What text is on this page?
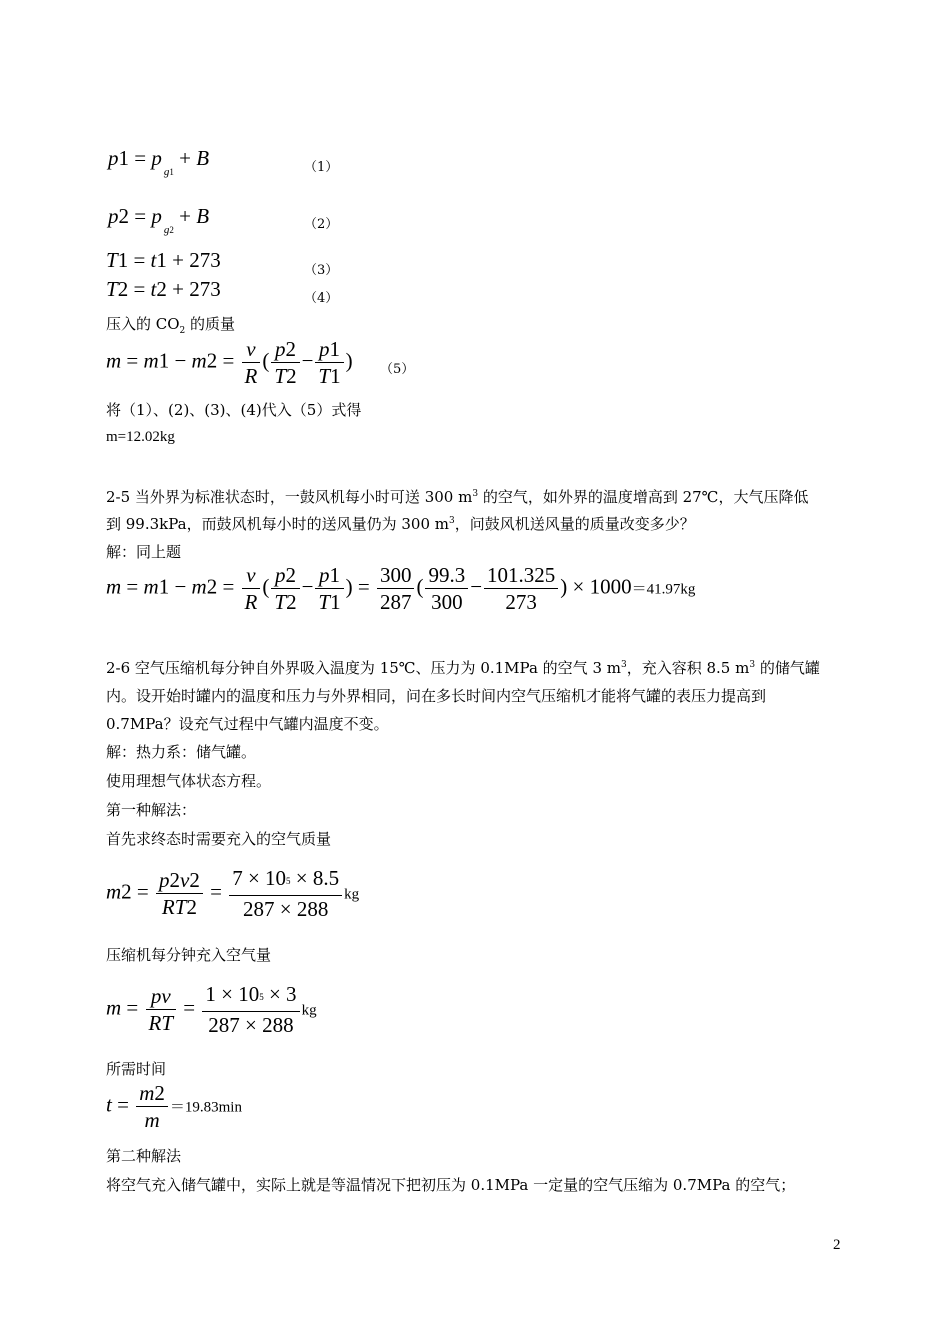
$p1 = p_{g1} + B$	（1）
$p2 = p_{g2} + B$	（2）
T1 = t1 + 273	（3）
T2 = t2 + 273	（4）
压入的 $CO_2$ 的质量
$m = m1 - m2 = \frac{v}{R}$ ( $\frac{p2}{T2} - \frac{p1}{T1}$ ) （5）
将（1）、(2)、(3)、(4)代入（5）式得
m=12.02kg
2-5 当外界为标准状态时，一鼓风机每小时可送 300 $m^3$ 的空气，如外界的温度增高到 27℃，大气压降低
到 99.3kPa，而鼓风机每小时的送风量仍为 300 $m^3$，问鼓风机送风量的质量改变多少？
解：同上题
$m = m1 - m2 = \frac{v}{R}$ ( $\frac{p2}{T2} - \frac{p1}{T1}$ ) = $\frac{300}{287}$ ( $\frac{99.3}{300} - \frac{101.325}{273}$ ) × 1000＝41.97kg
2-6 空气压缩机每分钟自外界吸入温度为 15℃、压力为 0.1MPa 的空气 3 $m^3$，充入容积 8.5 $m^3$ 的储气罐
内。设开始时罐内的温度和压力与外界相同，问在多长时间内空气压缩机才能将气罐的表压力提高到
0.7MPa？设充气过程中气罐内温度不变。
解：热力系：储气罐。
使用理想气体状态方程。
第一种解法：
首先求终态时需要充入的空气质量
$m2 = \frac{p2v2}{RT2} = \frac{7 \times 105 \times 8.5}{287 \times 288}$ kg
压缩机每分钟充入空气量
$m = \frac{pv}{RT} = \frac{1 \times 105 \times 3}{287 \times 288}$ kg
所需时间
$t = \frac{m2}{m} =19.83\min$
第二种解法
将空气充入储气罐中，实际上就是等温情况下把初压为 0.1MPa 一定量的空气压缩为 0.7MPa 的空气；
2
